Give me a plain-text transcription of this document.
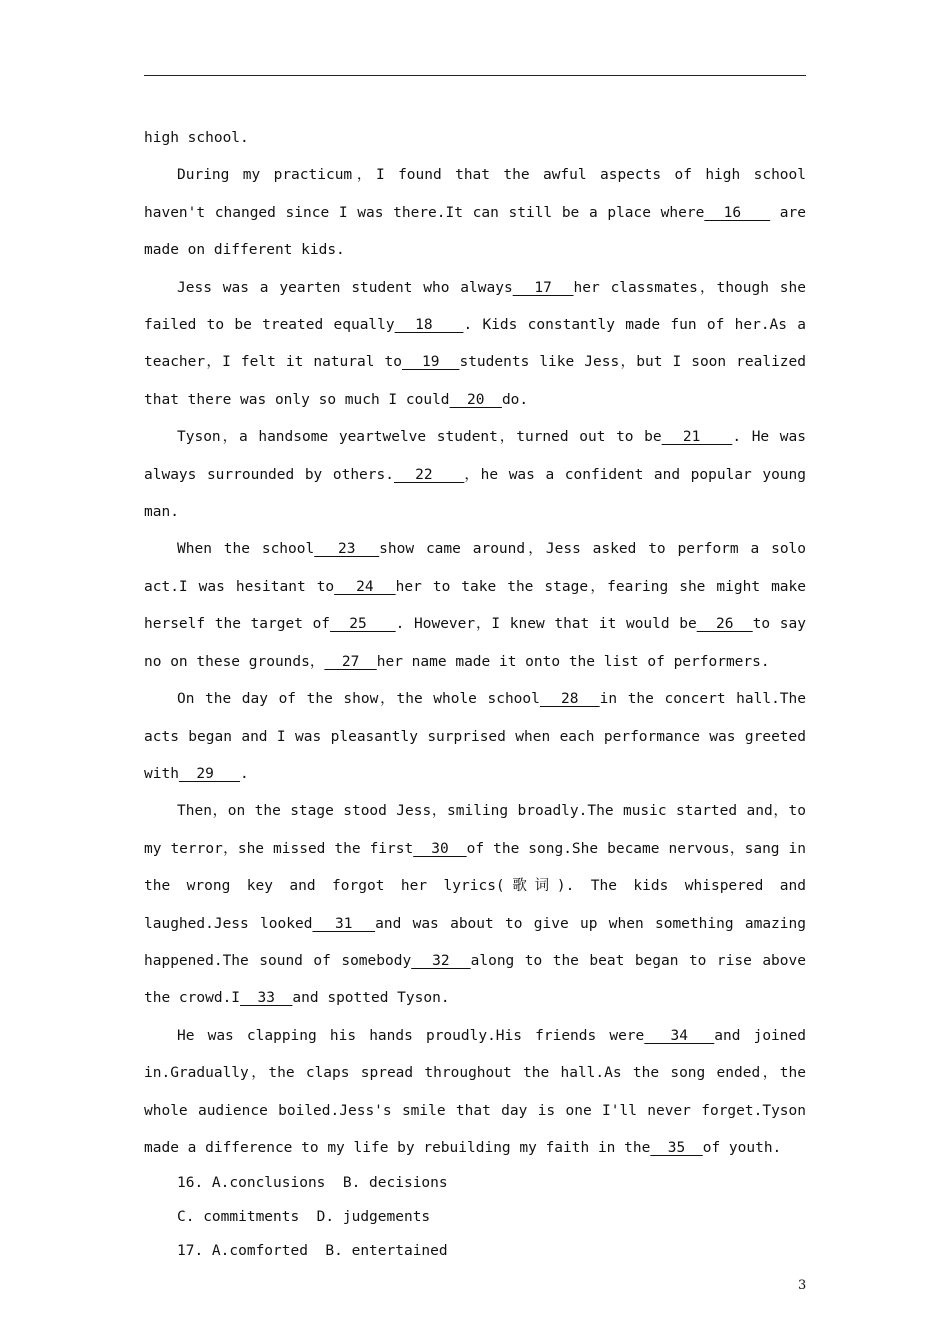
high school.

During my practicum，I found that the awful aspects of high school haven't changed since I was there.It can still be a place where  16    are made on different kids.

Jess was a yearten student who always  17  her classmates，though she failed to be treated equally  18   . Kids constantly made fun of her.As a teacher，I felt it natural to  19  students like Jess，but I soon realized that there was only so much I could  20  do.

Tyson，a handsome yeartwelve student，turned out to be  21   . He was always surrounded by others.  22   ，he was a confident and popular young man.

When the school  23  show came around，Jess asked to perform a solo act.I was hesitant to  24  her to take the stage，fearing she might make herself the target of  25   . However，I knew that it would be  26  to say no on these grounds，  27  her name made it onto the list of performers.

On the day of the show，the whole school  28  in the concert hall.The acts began and I was pleasantly surprised when each performance was greeted with  29   .

Then，on the stage stood Jess，smiling broadly.The music started and，to my terror，she missed the first  30  of the song.She became nervous，sang in the wrong key and forgot her lyrics(歌词). The kids whispered and laughed.Jess looked  31  and was about to give up when something amazing happened.The sound of somebody  32  along to the beat began to rise above the crowd.I  33  and spotted Tyson.

He was clapping his hands proudly.His friends were  34  and joined in.Gradually，the claps spread throughout the hall.As the song ended，the whole audience boiled.Jess's smile that day is one I'll never forget.Tyson made a difference to my life by rebuilding my faith in the  35  of youth.

16. A.conclusions  B. decisions

C. commitments  D. judgements

17. A.comforted  B. entertained

3
